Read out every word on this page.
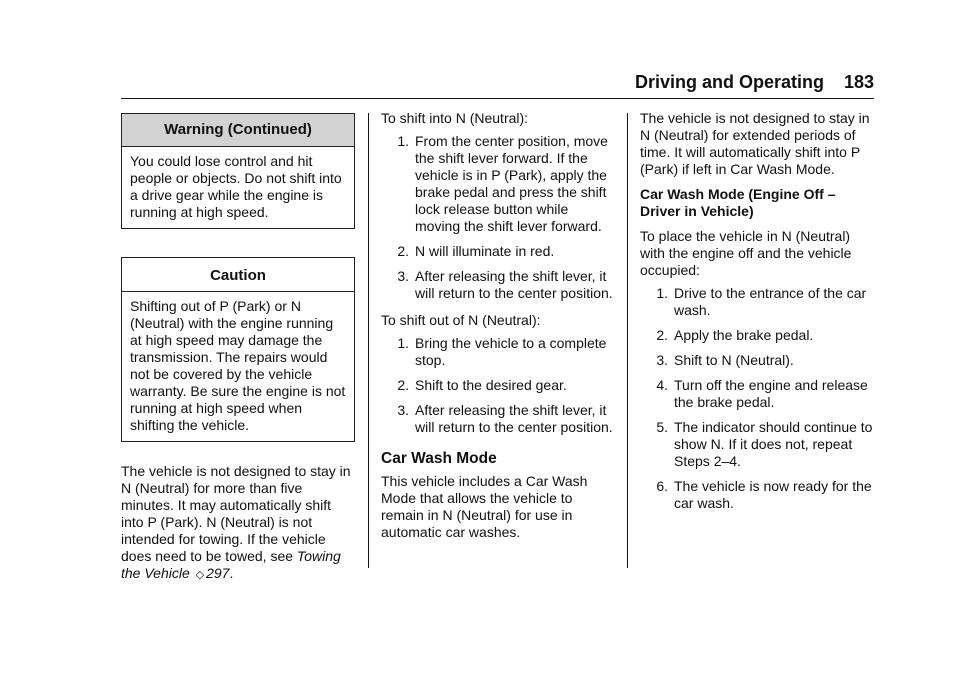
Driving and Operating 183
Warning (Continued)
You could lose control and hit people or objects. Do not shift into a drive gear while the engine is running at high speed.
Caution
Shifting out of P (Park) or N (Neutral) with the engine running at high speed may damage the transmission. The repairs would not be covered by the vehicle warranty. Be sure the engine is not running at high speed when shifting the vehicle.

The vehicle is not designed to stay in N (Neutral) for more than five minutes. It may automatically shift into P (Park). N (Neutral) is not intended for towing. If the vehicle does need to be towed, see Towing the Vehicle ◇ 297.

To shift into N (Neutral):

1. From the center position, move the shift lever forward. If the vehicle is in P (Park), apply the brake pedal and press the shift lock release button while moving the shift lever forward.
2. N will illuminate in red.
3. After releasing the shift lever, it will return to the center position.

To shift out of N (Neutral):

1. Bring the vehicle to a complete stop.
2. Shift to the desired gear.
3. After releasing the shift lever, it will return to the center position.
Car Wash Mode

This vehicle includes a Car Wash Mode that allows the vehicle to remain in N (Neutral) for use in automatic car washes.

The vehicle is not designed to stay in N (Neutral) for extended periods of time. It will automatically shift into P (Park) if left in Car Wash Mode.

Car Wash Mode (Engine Off – Driver in Vehicle)

To place the vehicle in N (Neutral) with the engine off and the vehicle occupied:

1. Drive to the entrance of the car wash.
2. Apply the brake pedal.
3. Shift to N (Neutral).
4. Turn off the engine and release the brake pedal.
5. The indicator should continue to show N. If it does not, repeat Steps 2–4.
6. The vehicle is now ready for the car wash.
